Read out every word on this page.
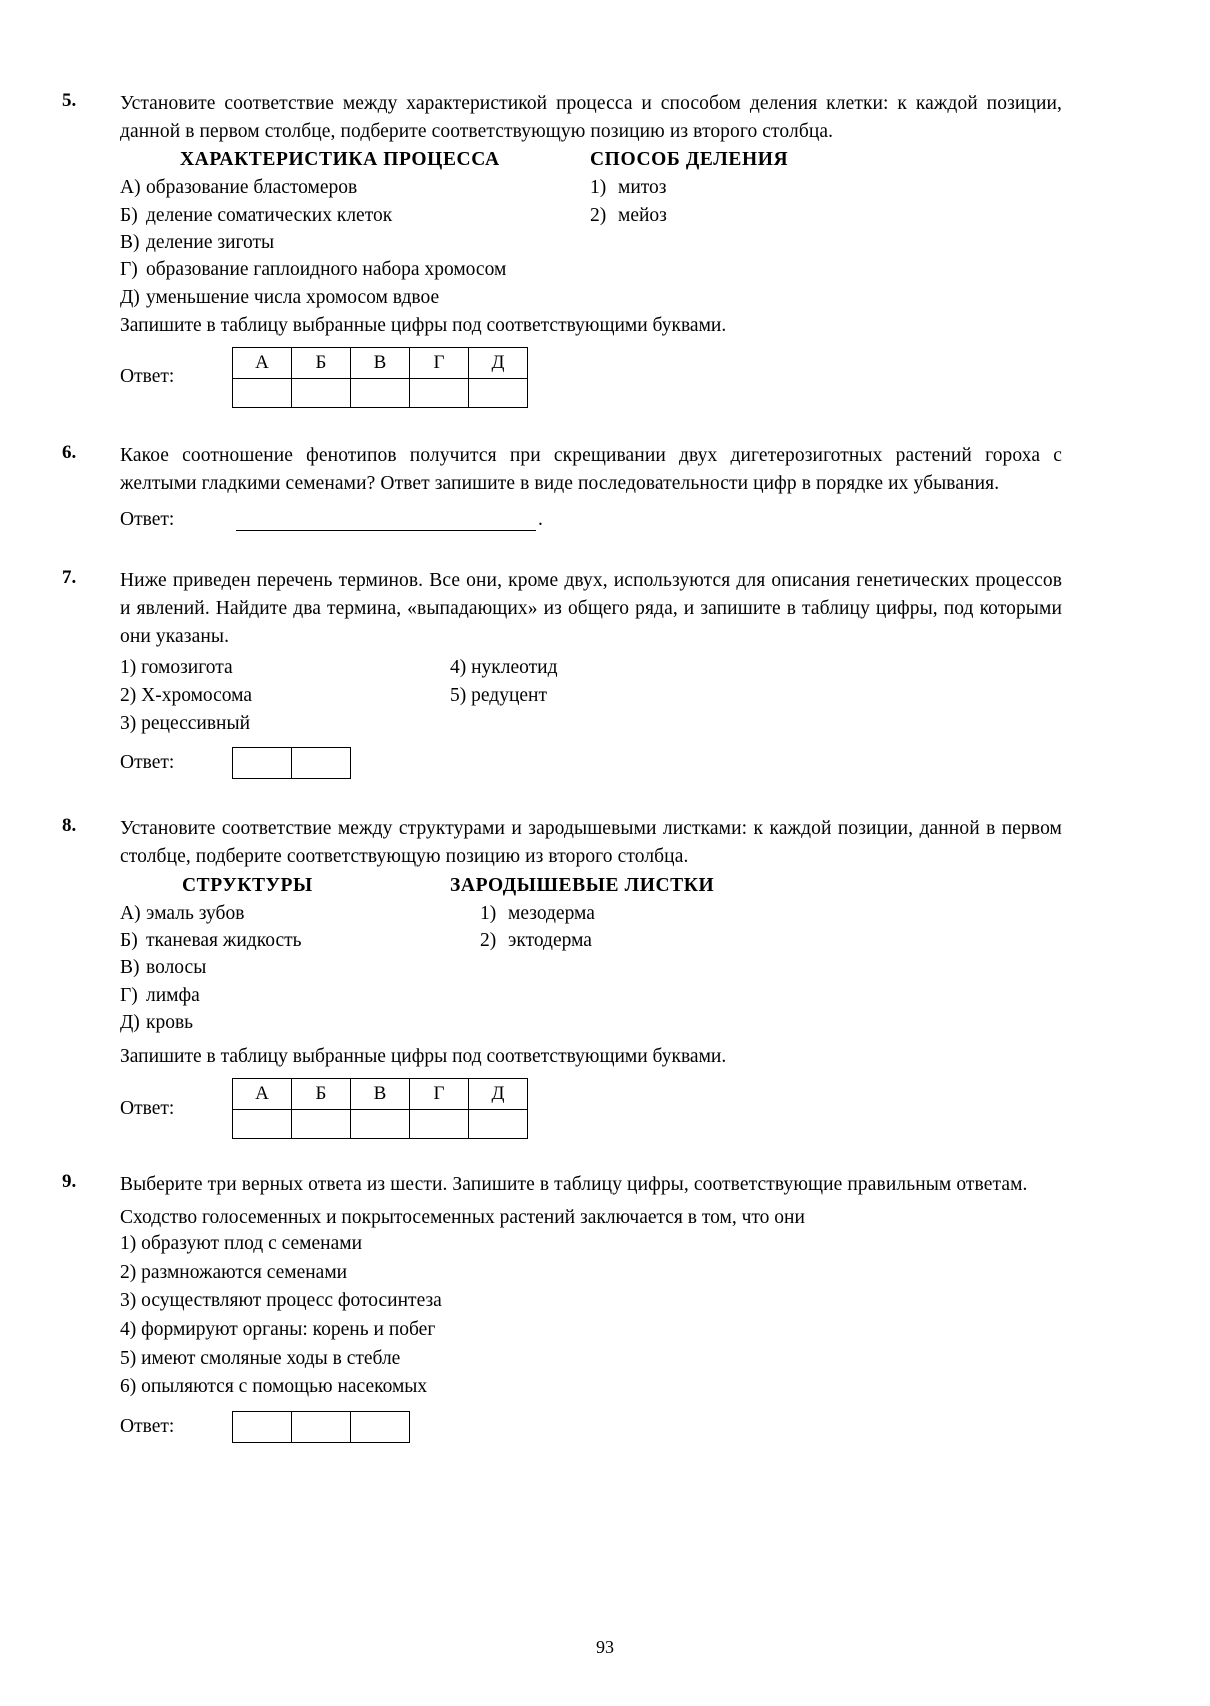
5.	Установите соответствие между характеристикой процесса и способом деления клетки: к каждой позиции, данной в первом столбце, подберите соответствующую позицию из второго столбца.
ХАРАКТЕРИСТИКА ПРОЦЕССА
А) образование бластомеров
Б) деление соматических клеток
В) деление зиготы
Г) образование гаплоидного набора хромосом
Д) уменьшение числа хромосом вдвое
СПОСОБ ДЕЛЕНИЯ
1) митоз
2) мейоз
Запишите в таблицу выбранные цифры под соответствующими буквами.
Ответ:
А	Б	В	Г	Д

6.	Какое соотношение фенотипов получится при скрещивании двух дигетерозиготных растений гороха с желтыми гладкими семенами? Ответ запишите в виде последовательности цифр в порядке их убывания.
Ответ:	.
7.	Ниже приведен перечень терминов. Все они, кроме двух, используются для описания генетических процессов и явлений. Найдите два термина, «выпадающих» из общего ряда, и запишите в таблицу цифры, под которыми они указаны.
1) гомозигота
2) Х-хромосома
3) рецессивный
4) нуклеотид
5) редуцент
Ответ:

8.	Установите соответствие между структурами и зародышевыми листками: к каждой позиции, данной в первом столбце, подберите соответствующую позицию из второго столбца.
СТРУКТУРЫ
А) эмаль зубов
Б) тканевая жидкость
В) волосы
Г) лимфа
Д) кровь
ЗАРОДЫШЕВЫЕ ЛИСТКИ
1) мезодерма
2) эктодерма
Запишите в таблицу выбранные цифры под соответствующими буквами.
Ответ:
А	Б	В	Г	Д

9.	Выберите три верных ответа из шести. Запишите в таблицу цифры, соответствующие правильным ответам.
Сходство голосеменных и покрытосеменных растений заключается в том, что они
1) образуют плод с семенами
2) размножаются семенами
3) осуществляют процесс фотосинтеза
4) формируют органы: корень и побег
5) имеют смоляные ходы в стебле
6) опыляются с помощью насекомых
Ответ:

93
